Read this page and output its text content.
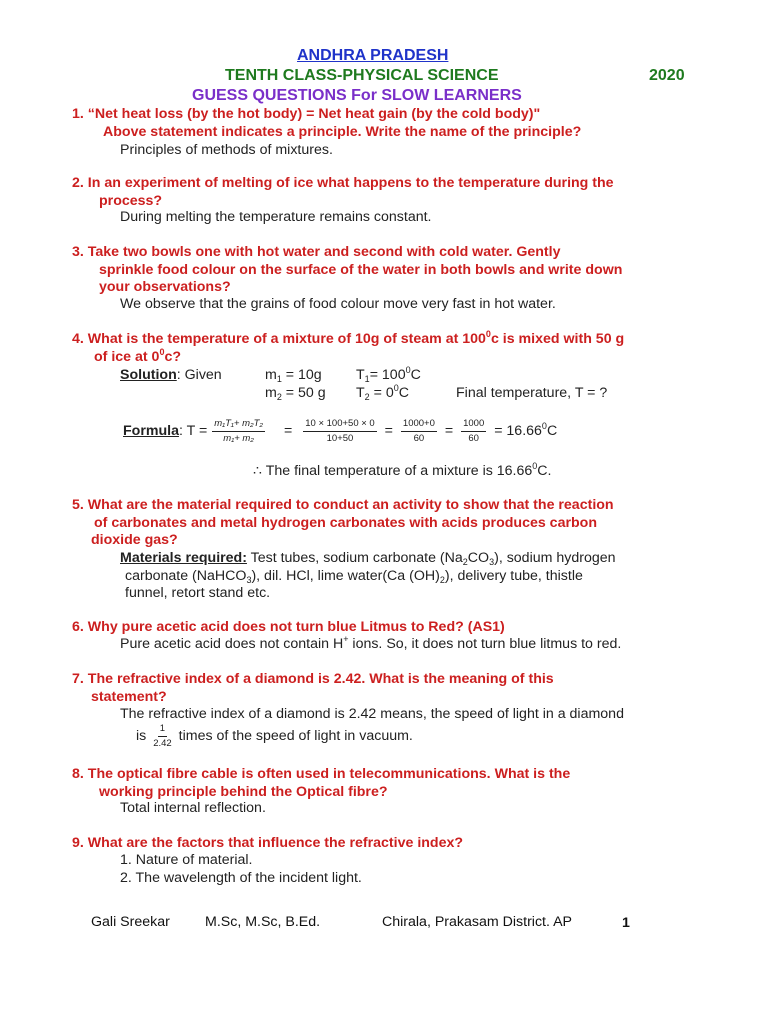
ANDHRA PRADESH
TENTH CLASS-PHYSICAL SCIENCE	2020
GUESS QUESTIONS For SLOW LEARNERS
1. “Net heat loss (by the hot body) = Net heat gain (by the cold body)"
Above statement indicates a principle. Write the name of the principle?
Principles of methods of mixtures.
2. In an experiment of melting of ice what happens to the temperature during the
process?
During melting the temperature remains constant.
3. Take two bowls one with hot water and second with cold water. Gently
sprinkle food colour on the surface of the water in both bowls and write down
your observations?
We observe that the grains of food colour move very fast in hot water.
4. What is the temperature of a mixture of 10g of steam at $100^0c$ is mixed with 50 g
of ice at $0^0c$?
Solution: Given	$m_1 = 10g$ $T_1= 100^0C$
$m_2 = 50$ g $T_2 = 0^0C$	Final temperature, T = ?
Formula: $T = \frac{\text{m₁T₁+ m₂T₂}}{\text{m₁+ m₂}} = \frac{10 \times 100+50 \times 0}{10+50} = \frac{1000+0}{60} = \frac{1000}{60} = 16.66^0C$
∴ The final temperature of a mixture is 16.66$^0$C.
5. What are the material required to conduct an activity to show that the reaction
of carbonates and metal hydrogen carbonates with acids produces carbon
dioxide gas?
Materials required: Test tubes, sodium carbonate $(Na_2CO_3)$, sodium hydrogen
carbonate (NaHCO$_3$), dil. HCl, lime water(Ca $(OH)_2$), delivery tube, thistle
funnel, retort stand etc.
6. Why pure acetic acid does not turn blue Litmus to Red? (AS1)
Pure acetic acid does not contain H+ ions. So, it does not turn blue litmus to red.
7. The refractive index of a diamond is 2.42. What is the meaning of this
statement?
The refractive index of a diamond is 2.42 means, the speed of light in a diamond
is $\frac{1}{2.42}$ times of the speed of light in vacuum.
8. The optical fibre cable is often used in telecommunications. What is the
working principle behind the Optical fibre?
Total internal reflection.
9. What are the factors that influence the refractive index?
1. Nature of material.
2. The wavelength of the incident light.
Gali Sreekar M.Sc, M.Sc, B.Ed.	Chirala, Prakasam District. AP	1
